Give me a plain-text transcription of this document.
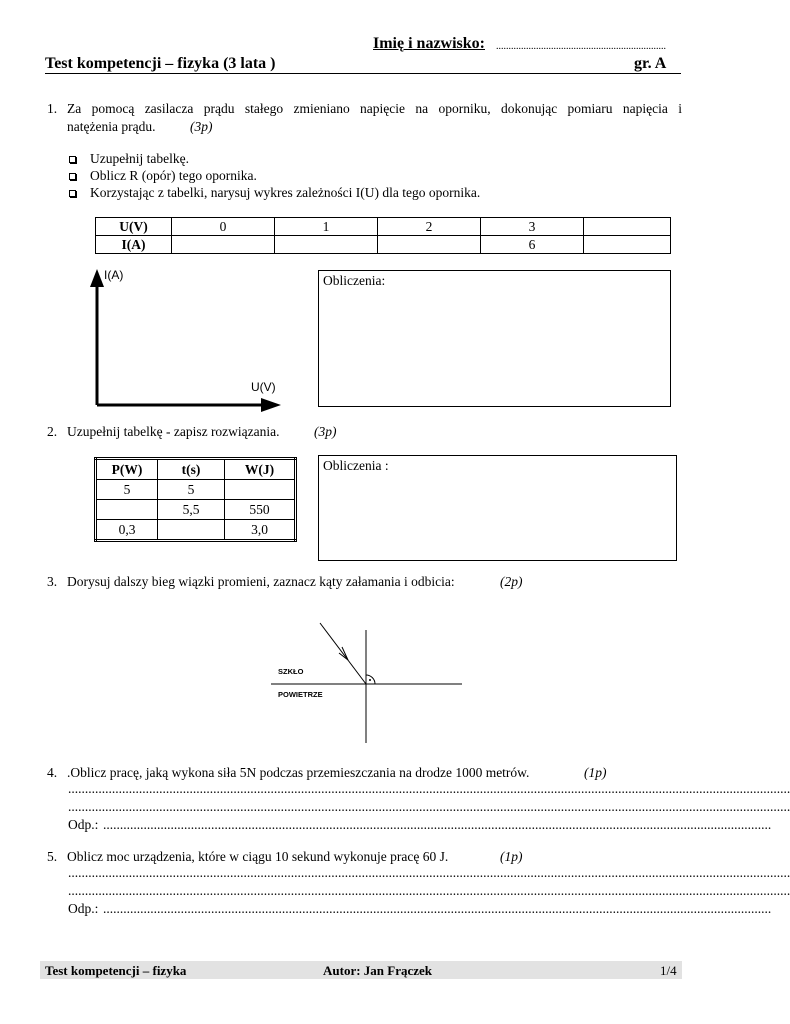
Imię i nazwisko: ....................................................................
Test kompetencji – fizyka (3 lata )	gr. A
1. Za pomocą zasilacza prądu stałego zmieniano napięcie na oporniku, dokonując pomiaru napięcia i
natężenia prądu.	(3p)
Uzupełnij tabelkę.
Oblicz R (opór) tego opornika.
Korzystając z tabelki, narysuj wykres zależności I(U) dla tego opornika.
U(V)	0	1	2	3	
I(A)				6	
I(A)
U(V)
Obliczenia:
2. Uzupełnij tabelkę - zapisz rozwiązania.	(3p)
P(W)	t(s)	W(J)
5	5	
	5,5	550
0,3		3,0
Obliczenia :
3. Dorysuj dalszy bieg wiązki promieni, zaznacz kąty załamania i odbicia:	(2p)
SZKŁO
POWIETRZE
4. .Oblicz pracę, jaką wykona siła 5N podczas przemieszczania na drodze 1000 metrów.	(1p)
......................................................................................................................................................................................................................
......................................................................................................................................................................................................................
Odp.: ......................................................................................................................................................................................................
5. Oblicz moc urządzenia, które w ciągu 10 sekund wykonuje pracę 60 J.	(1p)
......................................................................................................................................................................................................................
......................................................................................................................................................................................................................
Odp.: ......................................................................................................................................................................................................
Test kompetencji – fizyka	Autor: Jan Frączek	1/4
